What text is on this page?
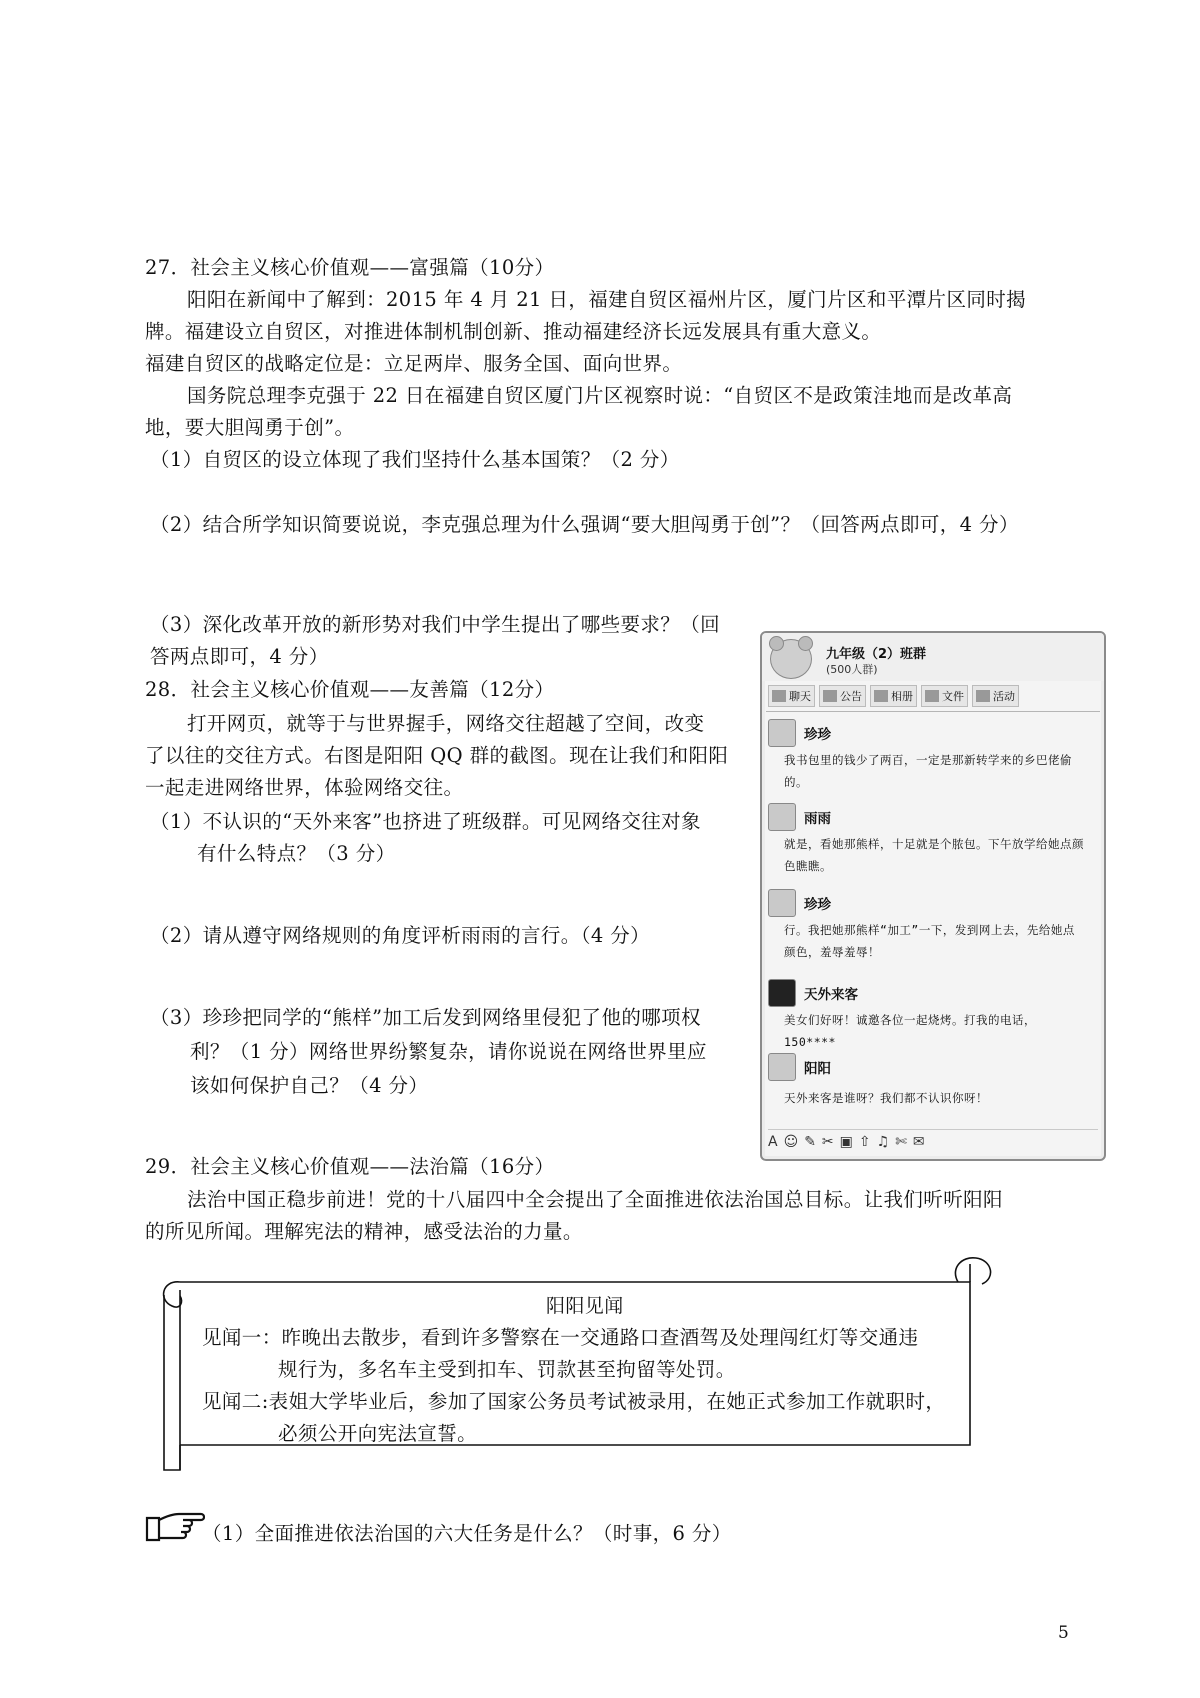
27．社会主义核心价值观——富强篇（10分）
阳阳在新闻中了解到：2015 年 4 月 21 日，福建自贸区福州片区，厦门片区和平潭片区同时揭
牌。福建设立自贸区，对推进体制机制创新、推动福建经济长远发展具有重大意义。
福建自贸区的战略定位是：立足两岸、服务全国、面向世界。
国务院总理李克强于 22 日在福建自贸区厦门片区视察时说：“自贸区不是政策洼地而是改革高
地，要大胆闯勇于创”。
（1）自贸区的设立体现了我们坚持什么基本国策？（2 分）
（2）结合所学知识简要说说，李克强总理为什么强调“要大胆闯勇于创”？（回答两点即可，4 分）
（3）深化改革开放的新形势对我们中学生提出了哪些要求？（回
答两点即可，4 分）
28．社会主义核心价值观——友善篇（12分）
打开网页，就等于与世界握手，网络交往超越了空间，改变
了以往的交往方式。右图是阳阳 QQ 群的截图。现在让我们和阳阳
一起走进网络世界，体验网络交往。
（1）不认识的“天外来客”也挤进了班级群。可见网络交往对象
有什么特点？（3 分）
（2）请从遵守网络规则的角度评析雨雨的言行。（4 分）
（3）珍珍把同学的“熊样”加工后发到网络里侵犯了他的哪项权
利？（1 分）网络世界纷繁复杂，请你说说在网络世界里应
该如何保护自己？（4 分）
九年级（2）班群
(500人群)
聊天	公告	相册	文件	活动
珍珍
我书包里的钱少了两百，一定是那新转学来的乡巴佬偷的。
雨雨
就是，看她那熊样，十足就是个脓包。下午放学给她点颜色瞧瞧。
珍珍
行。我把她那熊样“加工”一下，发到网上去，先给她点颜色，羞辱羞辱！
天外来客
美女们好呀！诚邀各位一起烧烤。打我的电话，150****
阳阳
天外来客是谁呀？我们都不认识你呀！
A ☺ ✎ ✂ ▣ ⇧ ♫ ✄ ✉
29．社会主义核心价值观——法治篇（16分）
法治中国正稳步前进！党的十八届四中全会提出了全面推进依法治国总目标。让我们听听阳阳
的所见所闻。理解宪法的精神，感受法治的力量。
阳阳见闻
见闻一：昨晚出去散步，看到许多警察在一交通路口查酒驾及处理闯红灯等交通违
规行为，多名车主受到扣车、罚款甚至拘留等处罚。
见闻二:表姐大学毕业后，参加了国家公务员考试被录用，在她正式参加工作就职时，
必须公开向宪法宣誓。
（1）全面推进依法治国的六大任务是什么？（时事，6 分）
5
